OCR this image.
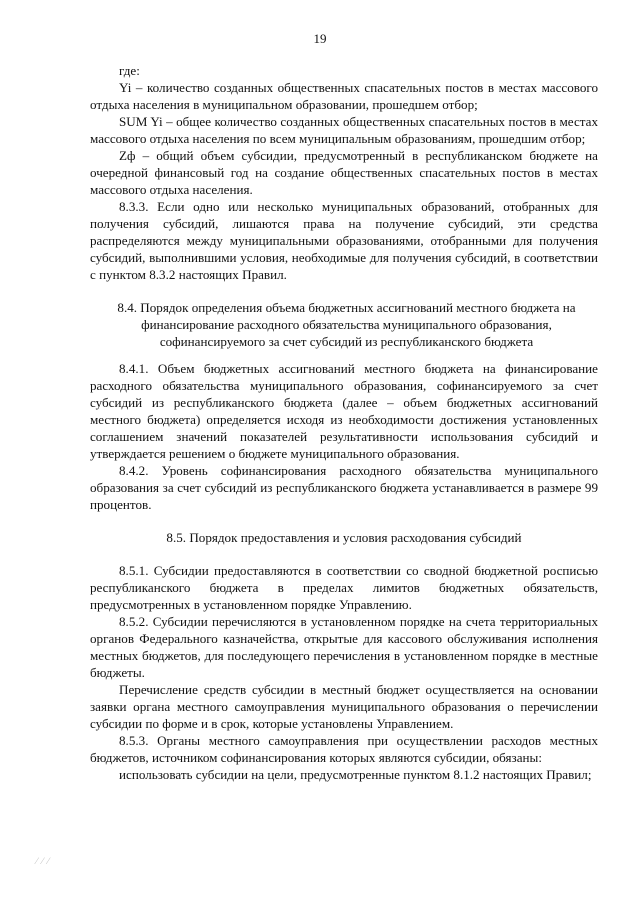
19

где:

Yi – количество созданных общественных спасательных постов в местах массового отдыха населения в муниципальном образовании, прошедшем отбор;

SUM Yi – общее количество созданных общественных спасательных постов в местах массового отдыха населения по всем муниципальным образованиям, прошедшим отбор;

Zф – общий объем субсидии, предусмотренный в республиканском бюджете на очередной финансовый год на создание общественных спасательных постов в местах массового отдыха населения.

8.3.3. Если одно или несколько муниципальных образований, отобранных для получения субсидий, лишаются права на получение субсидий, эти средства распределяются между муниципальными образованиями, отобранными для получения субсидий, выполнившими условия, необходимые для получения субсидий, в соответствии с пунктом 8.3.2 настоящих Правил.

8.4. Порядок определения объема бюджетных ассигнований местного бюджета на финансирование расходного обязательства муниципального образования, софинансируемого за счет субсидий из республиканского бюджета

8.4.1. Объем бюджетных ассигнований местного бюджета на финансирование расходного обязательства муниципального образования, софинансируемого за счет субсидий из республиканского бюджета (далее – объем бюджетных ассигнований местного бюджета) определяется исходя из необходимости достижения установленных соглашением значений показателей результативности использования субсидий и утверждается решением о бюджете муниципального образования.

8.4.2. Уровень софинансирования расходного обязательства муниципального образования за счет субсидий из республиканского бюджета устанавливается в размере 99 процентов.

8.5. Порядок предоставления и условия расходования субсидий

8.5.1. Субсидии предоставляются в соответствии со сводной бюджетной росписью республиканского бюджета в пределах лимитов бюджетных обязательств, предусмотренных в установленном порядке Управлению.

8.5.2. Субсидии перечисляются в установленном порядке на счета территориальных органов Федерального казначейства, открытые для кассового обслуживания исполнения местных бюджетов, для последующего перечисления в установленном порядке в местные бюджеты.

Перечисление средств субсидии в местный бюджет осуществляется на основании заявки органа местного самоуправления муниципального образования о перечислении субсидии по форме и в срок, которые установлены Управлением.

8.5.3. Органы местного самоуправления при осуществлении расходов местных бюджетов, источником софинансирования которых являются субсидии, обязаны:

использовать субсидии на цели, предусмотренные пунктом 8.1.2 настоящих Правил;

⁄ ⁄ ⁄
